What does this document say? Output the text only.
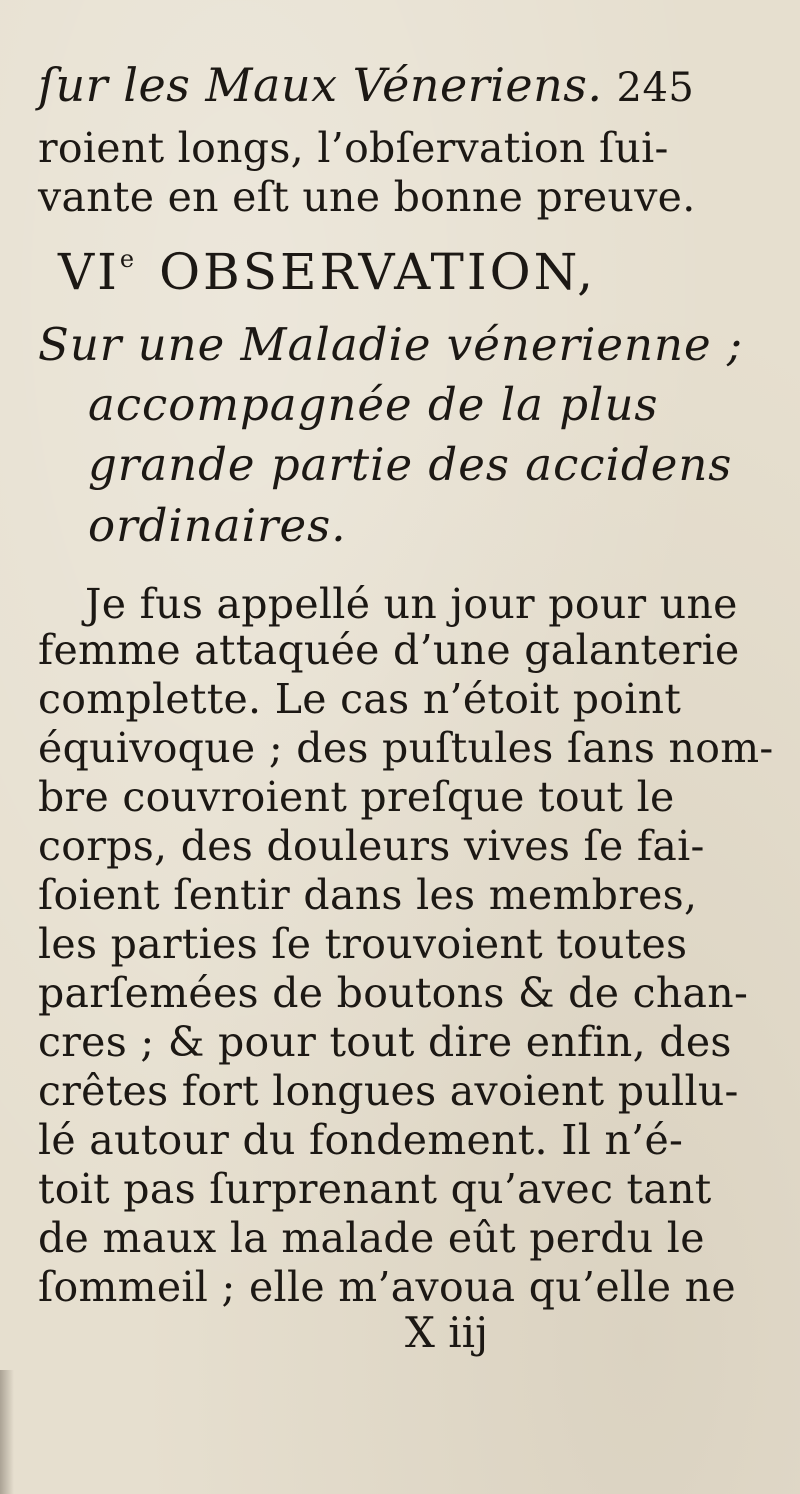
ſur les Maux Véneriens. 245
roient longs, l’obſervation ſui-
vante en eſt une bonne preuve.
VIe OBSERVATION,
Sur une Maladie vénerienne ;
accompagnée de la plus
grande partie des accidens
ordinaires.
Je fus appellé un jour pour une
femme attaquée d’une galanterie
complette. Le cas n’étoit point
équivoque ; des puſtules ſans nom-
bre couvroient preſque tout le
corps, des douleurs vives ſe fai-
ſoient ſentir dans les membres,
les parties ſe trouvoient toutes
parſemées de boutons & de chan-
cres ; & pour tout dire enfin, des
crêtes fort longues avoient pullu-
lé autour du fondement. Il n’é-
toit pas ſurprenant qu’avec tant
de maux la malade eût perdu le
ſommeil ; elle m’avoua qu’elle ne
X iij
